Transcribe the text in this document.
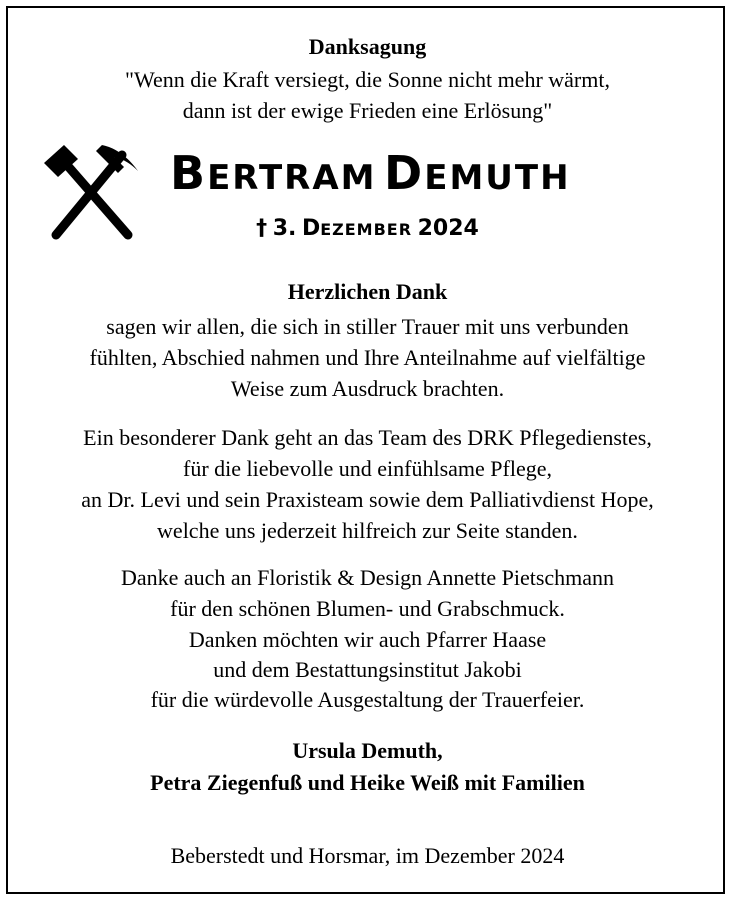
Danksagung
"Wenn die Kraft versiegt, die Sonne nicht mehr wärmt,
dann ist der ewige Frieden eine Erlösung"
BERTRAM DEMUTH
† 3. DEZEMBER 2024
Herzlichen Dank
sagen wir allen, die sich in stiller Trauer mit uns verbunden
fühlten, Abschied nahmen und Ihre Anteilnahme auf vielfältige
Weise zum Ausdruck brachten.
Ein besonderer Dank geht an das Team des DRK Pflegedienstes,
für die liebevolle und einfühlsame Pflege,
an Dr. Levi und sein Praxisteam sowie dem Palliativdienst Hope,
welche uns jederzeit hilfreich zur Seite standen.
Danke auch an Floristik & Design Annette Pietschmann
für den schönen Blumen- und Grabschmuck.
Danken möchten wir auch Pfarrer Haase
und dem Bestattungsinstitut Jakobi
für die würdevolle Ausgestaltung der Trauerfeier.
Ursula Demuth,
Petra Ziegenfuß und Heike Weiß mit Familien
Beberstedt und Horsmar, im Dezember 2024
